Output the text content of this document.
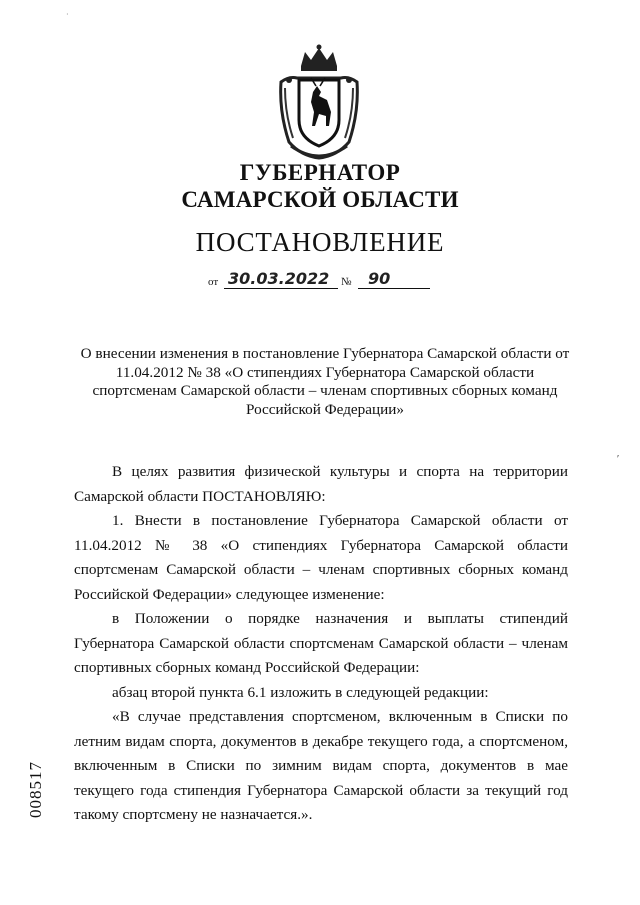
·
ГУБЕРНАТОР
САМАРСКОЙ ОБЛАСТИ
ПОСТАНОВЛЕНИЕ
от 30.03.2022 № 90
О внесении изменения в постановление Губернатора Самарской области от 11.04.2012 № 38 «О стипендиях Губернатора Самарской области спортсменам Самарской области – членам спортивных сборных команд Российской Федерации»

В целях развития физической культуры и спорта на территории Самарской области ПОСТАНОВЛЯЮ:

1. Внести в постановление Губернатора Самарской области от 11.04.2012 № 38 «О стипендиях Губернатора Самарской области спортсменам Самарской области – членам спортивных сборных команд Российской Федерации» следующее изменение:

в Положении о порядке назначения и выплаты стипендий Губернатора Самарской области спортсменам Самарской области – членам спортивных сборных команд Российской Федерации:

абзац второй пункта 6.1 изложить в следующей редакции:

«В случае представления спортсменом, включенным в Списки по летним видам спорта, документов в декабре текущего года, а спортсменом, включенным в Списки по зимним видам спорта, документов в мае текущего года стипендия Губернатора Самарской области за текущий год такому спортсмену не назначается.».

008517
ʹ
